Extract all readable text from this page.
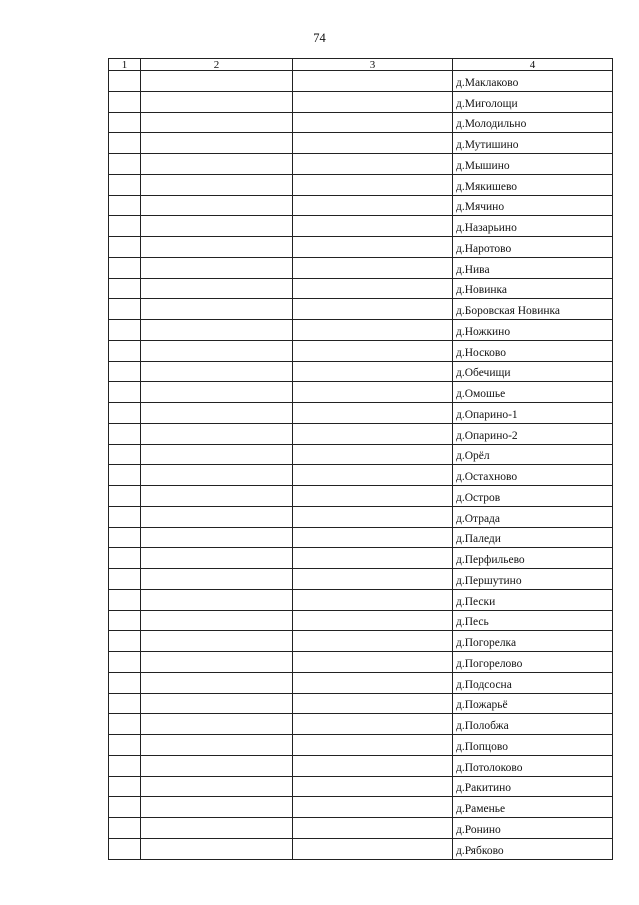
74
1	2	3	4
			д.Маклаково
			д.Миголощи
			д.Молодильно
			д.Мутишино
			д.Мышино
			д.Мякишево
			д.Мячино
			д.Назарьино
			д.Наротово
			д.Нива
			д.Новинка
			д.Боровская Новинка
			д.Ножкино
			д.Носково
			д.Обечищи
			д.Омошье
			д.Опарино-1
			д.Опарино-2
			д.Орёл
			д.Остахново
			д.Остров
			д.Отрада
			д.Паледи
			д.Перфильево
			д.Першутино
			д.Пески
			д.Песь
			д.Погорелка
			д.Погорелово
			д.Подсосна
			д.Пожарьё
			д.Полобжа
			д.Попцово
			д.Потолоково
			д.Ракитино
			д.Раменье
			д.Ронино
			д.Рябково
